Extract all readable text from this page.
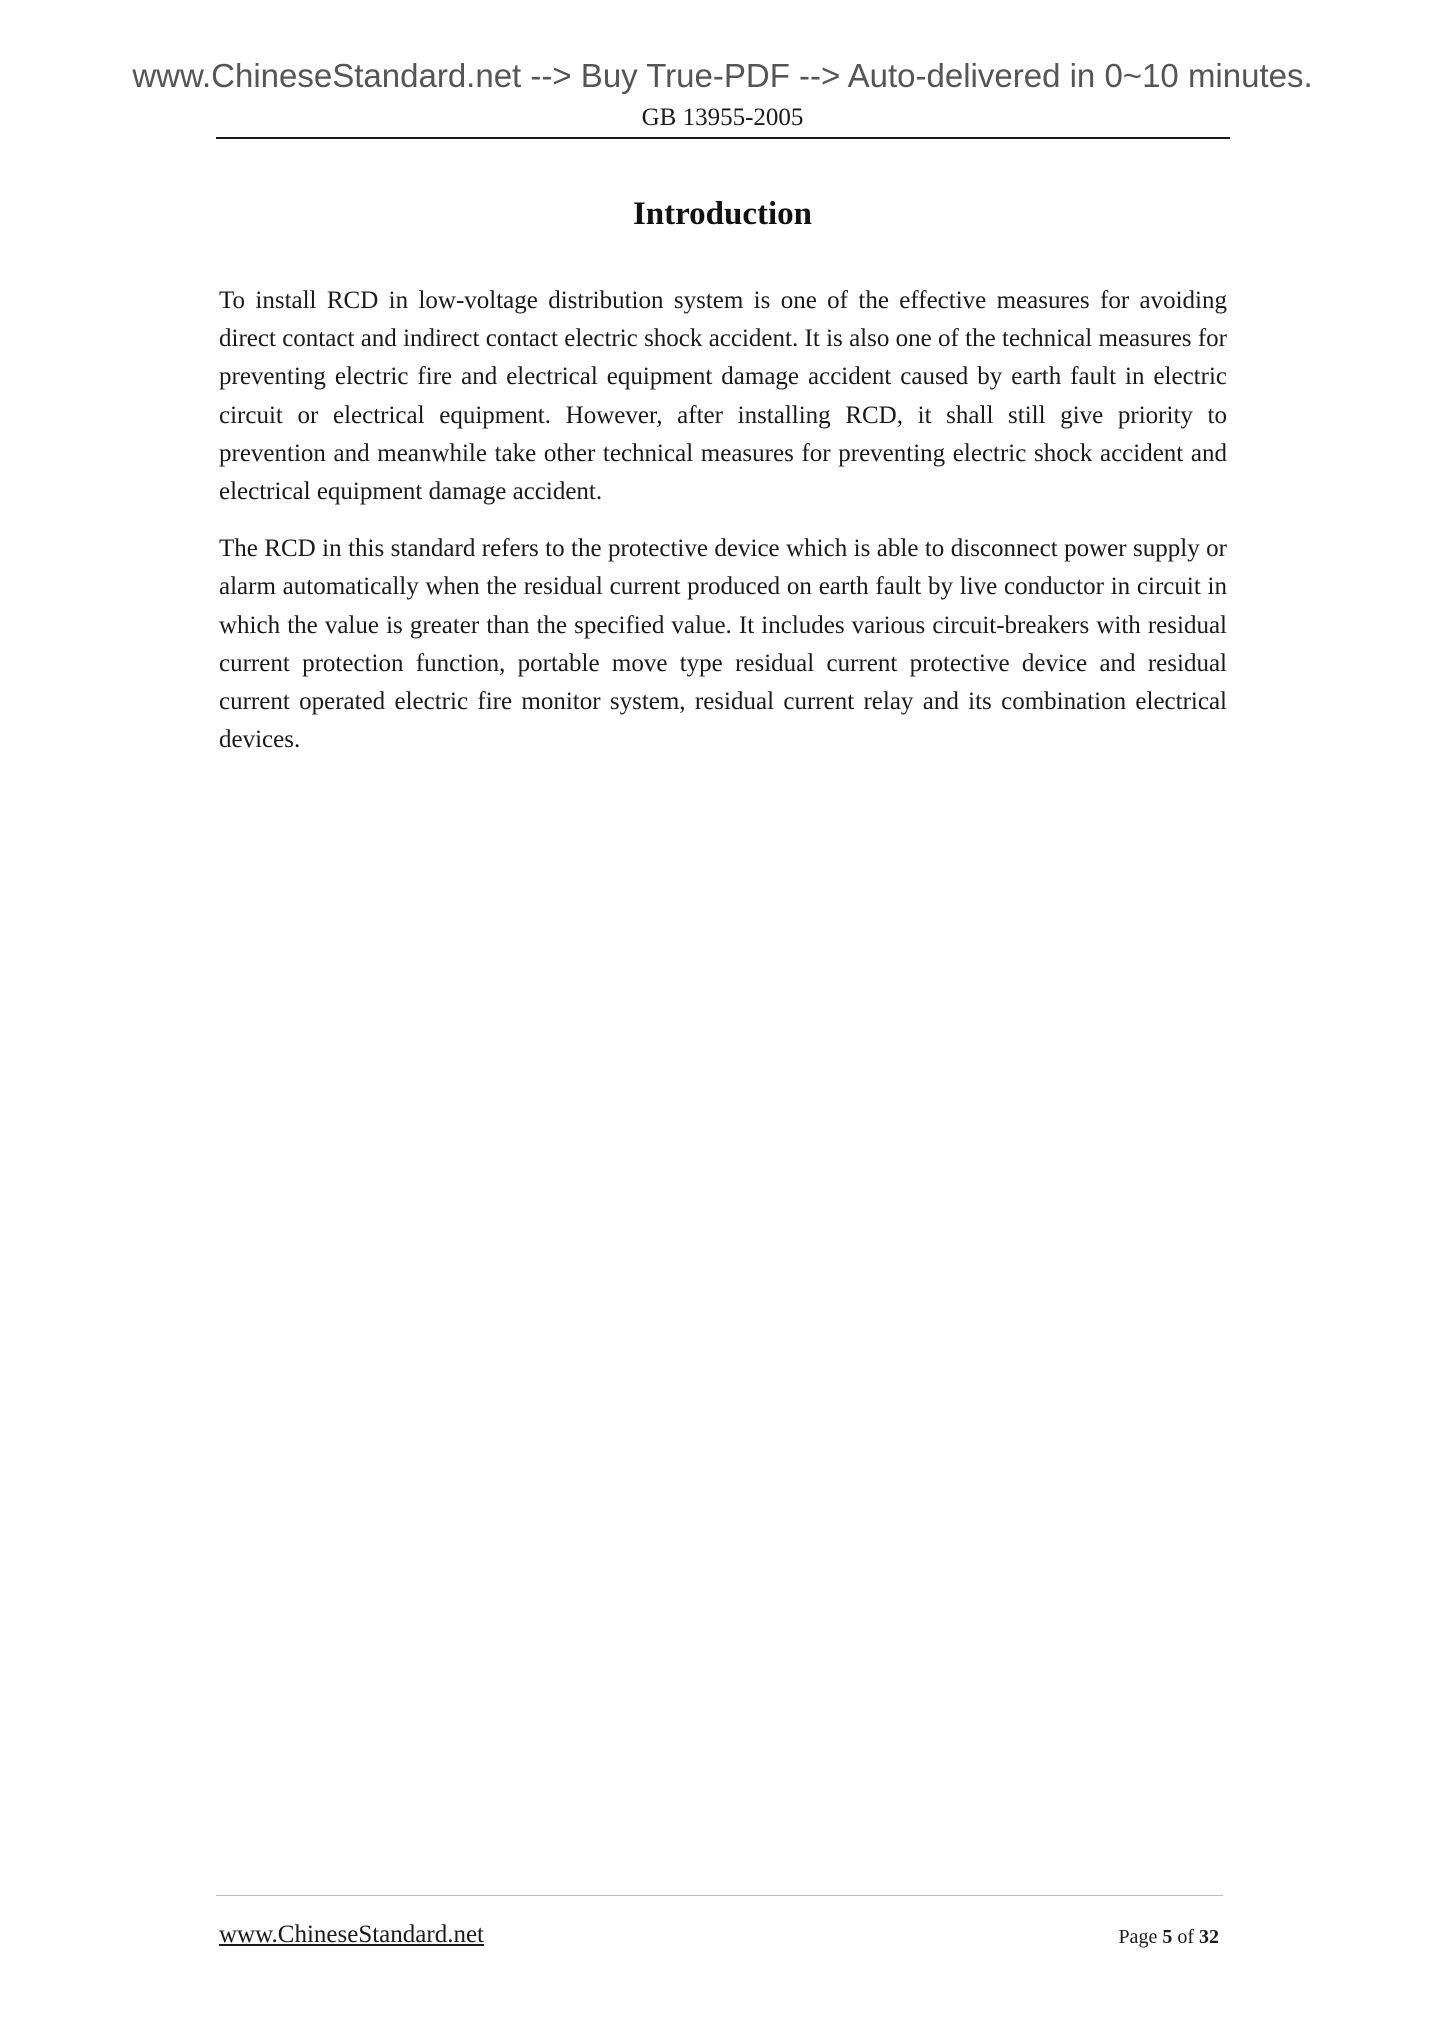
www.ChineseStandard.net --> Buy True-PDF --> Auto-delivered in 0~10 minutes.
GB 13955-2005
Introduction

To install RCD in low-voltage distribution system is one of the effective measures for avoiding direct contact and indirect contact electric shock accident. It is also one of the technical measures for preventing electric fire and electrical equipment damage accident caused by earth fault in electric circuit or electrical equipment. However, after installing RCD, it shall still give priority to prevention and meanwhile take other technical measures for preventing electric shock accident and electrical equipment damage accident.

The RCD in this standard refers to the protective device which is able to disconnect power supply or alarm automatically when the residual current produced on earth fault by live conductor in circuit in which the value is greater than the specified value. It includes various circuit-breakers with residual current protection function, portable move type residual current protective device and residual current operated electric fire monitor system, residual current relay and its combination electrical devices.

www.ChineseStandard.net	Page 5 of 32
